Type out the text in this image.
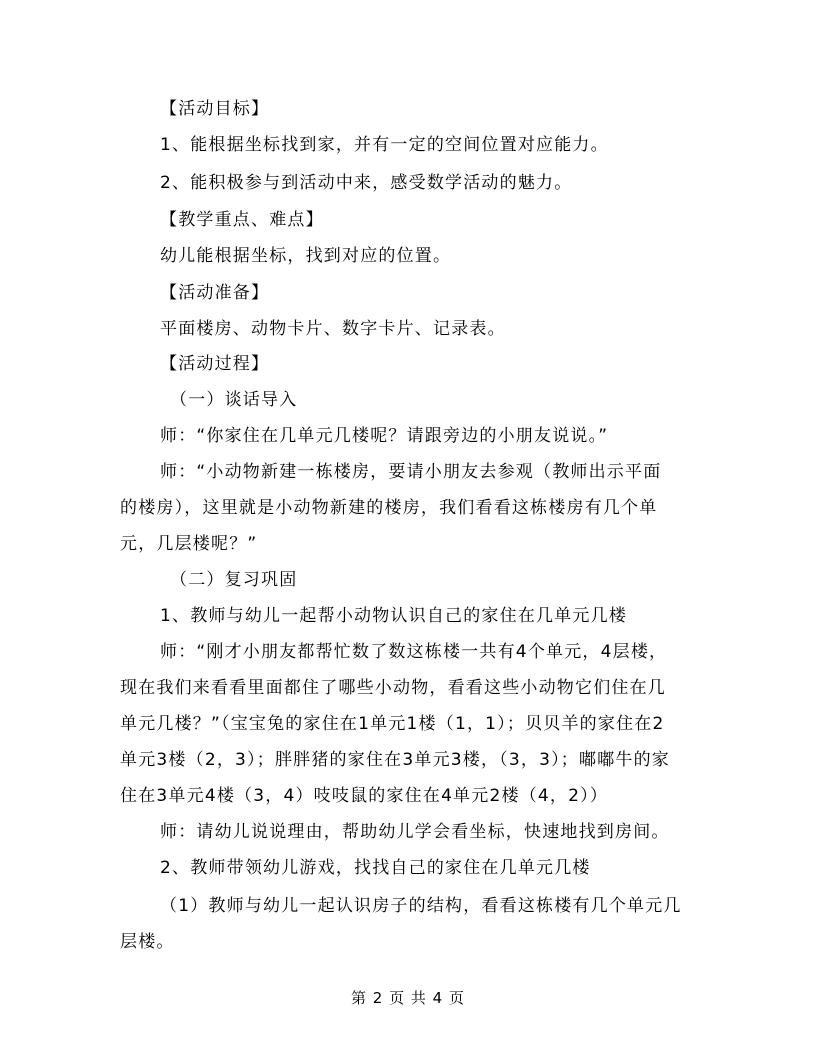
【活动目标】
1、能根据坐标找到家，并有一定的空间位置对应能力。
2、能积极参与到活动中来，感受数学活动的魅力。
【教学重点、难点】
幼儿能根据坐标，找到对应的位置。
【活动准备】
平面楼房、动物卡片、数字卡片、记录表。
【活动过程】
（一）谈话导入
师：“你家住在几单元几楼呢？请跟旁边的小朋友说说。”
师：“小动物新建一栋楼房，要请小朋友去参观（教师出示平面
的楼房），这里就是小动物新建的楼房，我们看看这栋楼房有几个单
元，几层楼呢？”
（二）复习巩固
1、教师与幼儿一起帮小动物认识自己的家住在几单元几楼
师：“刚才小朋友都帮忙数了数这栋楼一共有4个单元，4层楼，
现在我们来看看里面都住了哪些小动物，看看这些小动物它们住在几
单元几楼？”（宝宝兔的家住在1单元1楼（1，1）；贝贝羊的家住在2
单元3楼（2，3）；胖胖猪的家住在3单元3楼，（3，3）；嘟嘟牛的家
住在3单元4楼（3，4）吱吱鼠的家住在4单元2楼（4，2））
师：请幼儿说说理由，帮助幼儿学会看坐标，快速地找到房间。
2、教师带领幼儿游戏，找找自己的家住在几单元几楼
（1）教师与幼儿一起认识房子的结构，看看这栋楼有几个单元几
层楼。
第 2 页 共 4 页
